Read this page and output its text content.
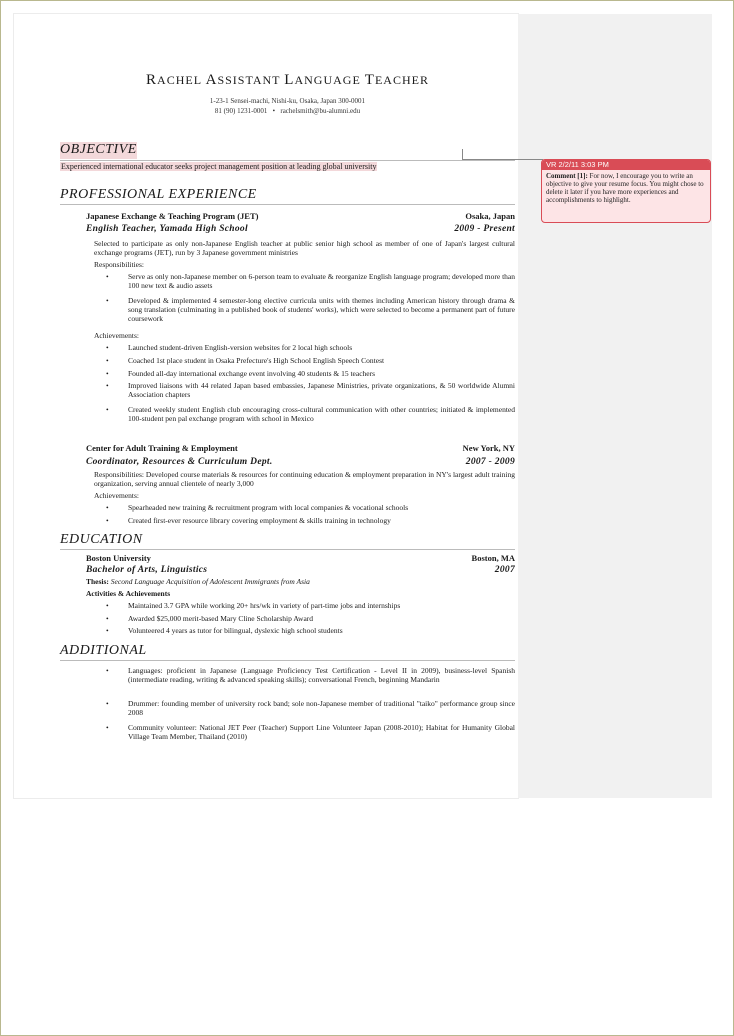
RACHEL ASSISTANT LANGUAGE TEACHER
1-23-1 Sensei-machi, Nishi-ku, Osaka, Japan 300-0001
81 (90) 1231-0001 • rachelsmith@bu-alumni.edu
OBJECTIVE
Experienced international educator seeks project management position at leading global university
PROFESSIONAL EXPERIENCE
Japanese Exchange & Teaching Program (JET)	Osaka, Japan
English Teacher, Yamada High School	2009 - Present
Selected to participate as only non-Japanese English teacher at public senior high school as member of one of Japan's largest cultural exchange programs (JET), run by 3 Japanese government ministries
Responsibilities:
•	Serve as only non-Japanese member on 6-person team to evaluate & reorganize English language program; developed more than 100 new text & audio assets
•	Developed & implemented 4 semester-long elective curricula units with themes including American history through drama & song translation (culminating in a published book of students' works), which were selected to become a permanent part of future coursework
Achievements:
•	Launched student-driven English-version websites for 2 local high schools
•	Coached 1st place student in Osaka Prefecture's High School English Speech Contest
•	Founded all-day international exchange event involving 40 students & 15 teachers
•	Improved liaisons with 44 related Japan based embassies, Japanese Ministries, private organizations, & 50 worldwide Alumni Association chapters
•	Created weekly student English club encouraging cross-cultural communication with other countries; initiated & implemented 100-student pen pal exchange program with school in Mexico
Center for Adult Training & Employment	New York, NY
Coordinator, Resources & Curriculum Dept.	2007 - 2009
Responsibilities: Developed course materials & resources for continuing education & employment preparation in NY's largest adult training organization, serving annual clientele of nearly 3,000
Achievements:
•	Spearheaded new training & recruitment program with local companies & vocational schools
•	Created first-ever resource library covering employment & skills training in technology
EDUCATION
Boston University	Boston, MA
Bachelor of Arts, Linguistics	2007
Thesis: Second Language Acquisition of Adolescent Immigrants from Asia
Activities & Achievements
•	Maintained 3.7 GPA while working 20+ hrs/wk in variety of part-time jobs and internships
•	Awarded $25,000 merit-based Mary Cline Scholarship Award
•	Volunteered 4 years as tutor for bilingual, dyslexic high school students
ADDITIONAL
•	Languages: proficient in Japanese (Language Proficiency Test Certification - Level II in 2009), business-level Spanish (intermediate reading, writing & advanced speaking skills); conversational French, beginning Mandarin
•	Drummer: founding member of university rock band; sole non-Japanese member of traditional "taiko" performance group since 2008
•	Community volunteer: National JET Peer (Teacher) Support Line Volunteer Japan (2008-2010); Habitat for Humanity Global Village Team Member, Thailand (2010)
VR 2/2/11 3:03 PM
Comment [1]: For now, I encourage you to write an objective to give your resume focus. You might chose to delete it later if you have more experiences and accomplishments to highlight.
